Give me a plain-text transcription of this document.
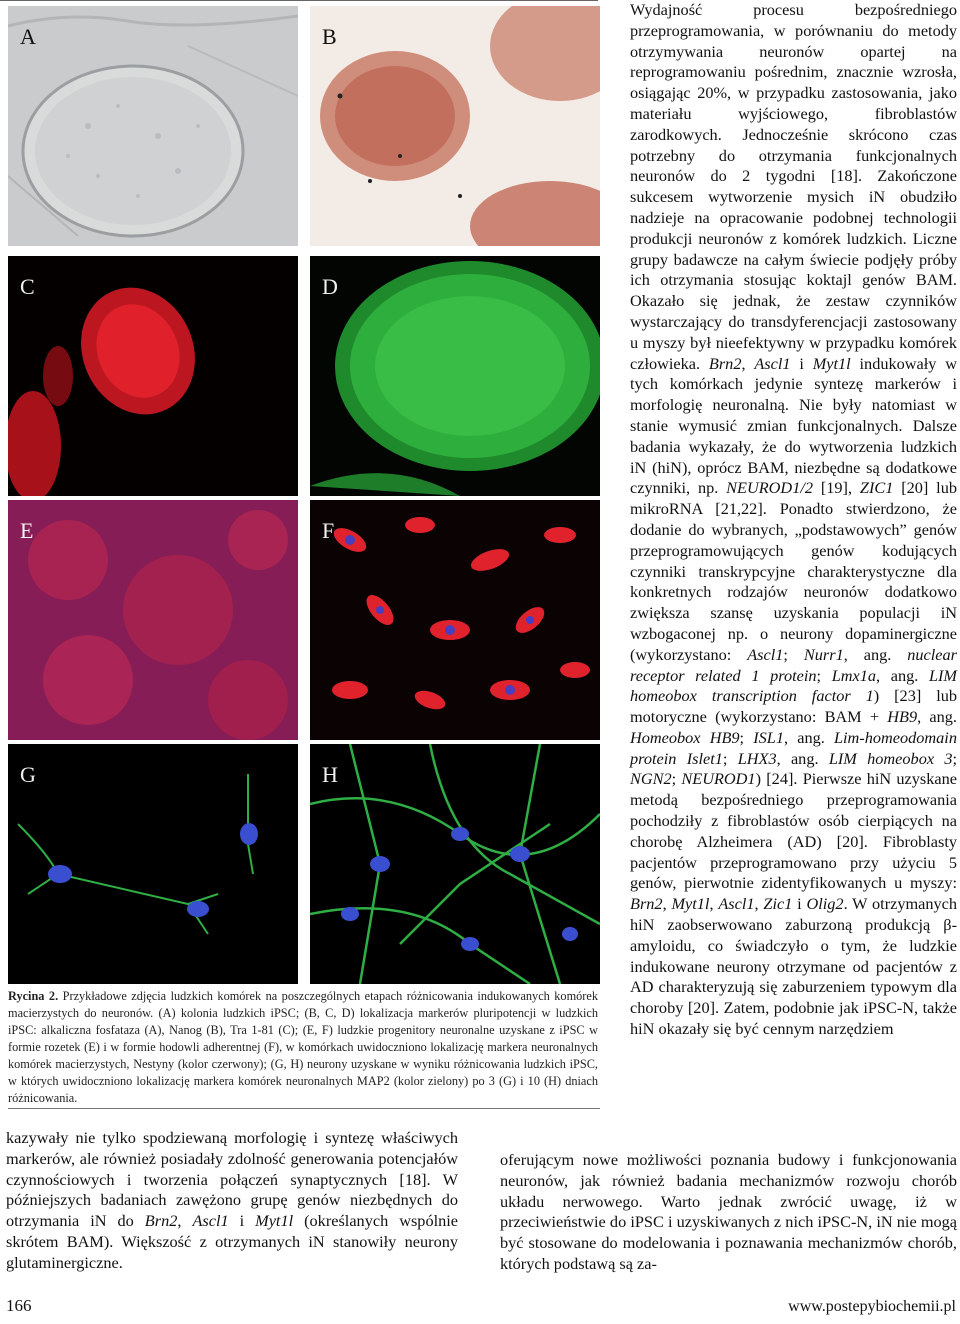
A	B
C	D
E	F
G	H
Rycina 2. Przykładowe zdjęcia ludzkich komórek na poszczególnych etapach różnicowania indukowanych komórek macierzystych do neuronów. (A) kolonia ludzkich iPSC; (B, C, D) lokalizacja markerów pluripotencji w ludzkich iPSC: alkaliczna fosfataza (A), Nanog (B), Tra 1-81 (C); (E, F) ludzkie progenitory neuronalne uzyskane z iPSC w formie rozetek (E) i w formie hodowli adherentnej (F), w komórkach uwidoczniono lokalizację markera neuronalnych komórek macierzystych, Nestyny (kolor czerwony); (G, H) neurony uzyskane w wyniku różnicowania ludzkich iPSC, w których uwidoczniono lokalizację markera komórek neuronalnych MAP2 (kolor zielony) po 3 (G) i 10 (H) dniach różnicowania.

Wydajność procesu bezpośredniego przeprogramowania, w porównaniu do metody otrzymywania neuronów opartej na reprogramowaniu pośrednim, znacznie wzrosła, osiągając 20%, w przypadku zastosowania, jako materiału wyjściowego, fibroblastów zarodkowych. Jednocześnie skrócono czas potrzebny do otrzymania funkcjonalnych neuronów do 2 tygodni [18]. Zakończone sukcesem wytworzenie mysich iN obudziło nadzieje na opracowanie podobnej technologii produkcji neuronów z komórek ludzkich. Liczne grupy badawcze na całym świecie podjęły próby ich otrzymania stosując koktajl genów BAM. Okazało się jednak, że zestaw czynników wystarczający do transdyferencjacji zastosowany u myszy był nieefektywny w przypadku komórek człowieka. Brn2, Ascl1 i Myt1l indukowały w tych komórkach jedynie syntezę markerów i morfologię neuronalną. Nie były natomiast w stanie wymusić zmian funkcjonalnych. Dalsze badania wykazały, że do wytworzenia ludzkich iN (hiN), oprócz BAM, niezbędne są dodatkowe czynniki, np. NEUROD1/2 [19], ZIC1 [20] lub mikroRNA [21,22]. Ponadto stwierdzono, że dodanie do wybranych, „podstawowych” genów przeprogramowujących genów kodujących czynniki transkrypcyjne charakterystyczne dla konkretnych rodzajów neuronów dodatkowo zwiększa szansę uzyskania populacji iN wzbogaconej np. o neurony dopaminergiczne (wykorzystano: Ascl1; Nurr1, ang. nuclear receptor related 1 protein; Lmx1a, ang. LIM homeobox transcription factor 1) [23] lub motoryczne (wykorzystano: BAM + HB9, ang. Homeobox HB9; ISL1, ang. Lim-homeodomain protein Islet1; LHX3, ang. LIM homeobox 3; NGN2; NEUROD1) [24]. Pierwsze hiN uzyskane metodą bezpośredniego przeprogramowania pochodziły z fibroblastów osób cierpiących na chorobę Alzheimera (AD) [20]. Fibroblasty pacjentów przeprogramowano przy użyciu 5 genów, pierwotnie zidentyfikowanych u myszy: Brn2, Myt1l, Ascl1, Zic1 i Olig2. W otrzymanych hiN zaobserwowano zaburzoną produkcją β-amyloidu, co świadczyło o tym, że ludzkie indukowane neurony otrzymane od pacjentów z AD charakteryzują się zaburzeniem typowym dla choroby [20]. Zatem, podobnie jak iPSC-N, także hiN okazały się być cennym narzędziem

kazywały nie tylko spodziewaną morfologię i syntezę właściwych markerów, ale również posiadały zdolność generowania potencjałów czynnościowych i tworzenia połączeń synaptycznych [18]. W późniejszych badaniach zawężono grupę genów niezbędnych do otrzymania iN do Brn2, Ascl1 i Myt1l (określanych wspólnie skrótem BAM). Większość z otrzymanych iN stanowiły neurony glutaminergiczne.

oferującym nowe możliwości poznania budowy i funkcjonowania neuronów, jak również badania mechanizmów rozwoju chorób układu nerwowego. Warto jednak zwrócić uwagę, iż w przeciwieństwie do iPSC i uzyskiwanych z nich iPSC-N, iN nie mogą być stosowane do modelowania i poznawania mechanizmów chorób, których podstawą są za-

166	www.postepybiochemii.pl
